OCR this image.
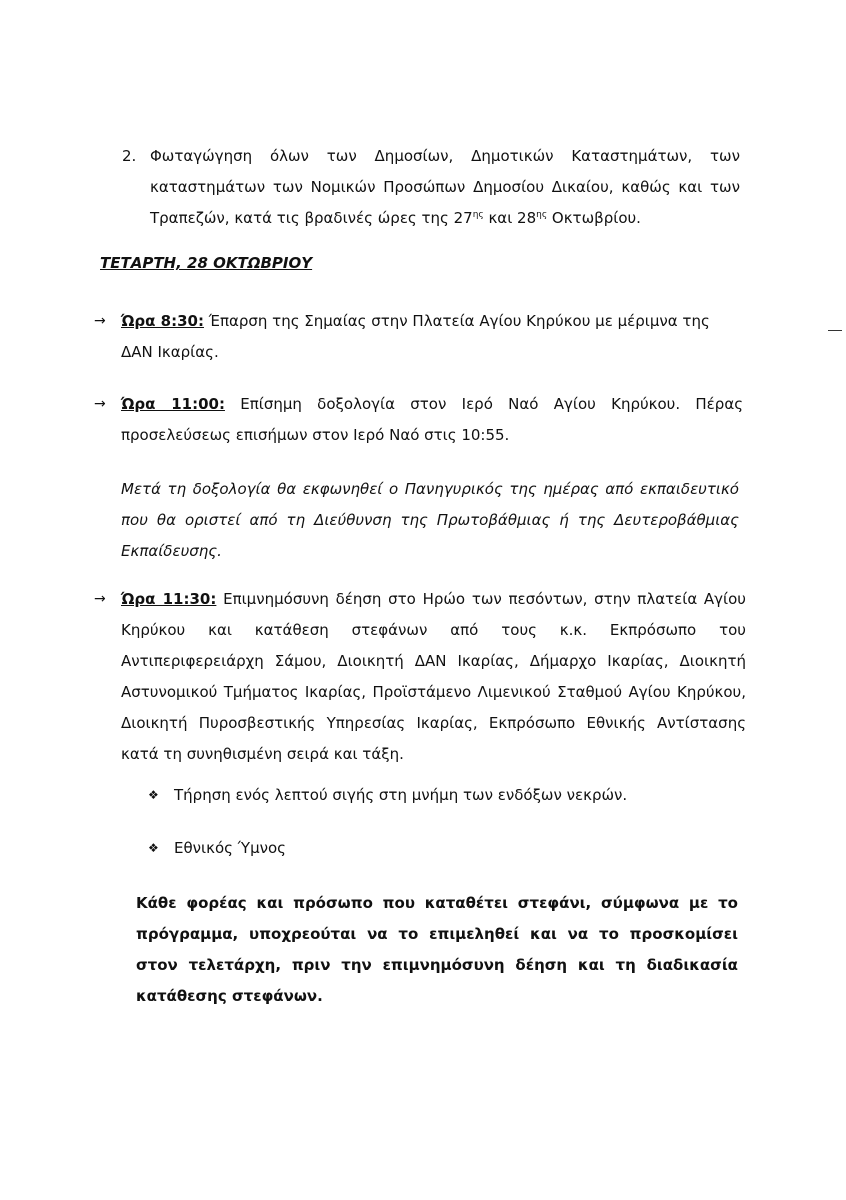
2. Φωταγώγηση όλων των Δημοσίων, Δημοτικών Καταστημάτων, των καταστημάτων των Νομικών Προσώπων Δημοσίου Δικαίου, καθώς και των Τραπεζών, κατά τις βραδινές ώρες της $27^{\eta\varsigma}$ και $28^{\eta\varsigma}$ Οκτωβρίου.
ΤΕΤΑΡΤΗ, 28 ΟΚΤΩΒΡΙΟΥ
→ Ώρα 8:30: Έπαρση της Σημαίας στην Πλατεία Αγίου Κηρύκου με μέριμνα της ΔΑΝ Ικαρίας.
→ Ώρα 11:00: Επίσημη δοξολογία στον Ιερό Ναό Αγίου Κηρύκου. Πέρας προσελεύσεως επισήμων στον Ιερό Ναό στις 10:55.
Μετά τη δοξολογία θα εκφωνηθεί ο Πανηγυρικός της ημέρας από εκπαιδευτικό που θα οριστεί από τη Διεύθυνση της Πρωτοβάθμιας ή της Δευτεροβάθμιας Εκπαίδευσης.
→ Ώρα 11:30: Επιμνημόσυνη δέηση στο Ηρώο των πεσόντων, στην πλατεία Αγίου Κηρύκου και κατάθεση στεφάνων από τους κ.κ. Εκπρόσωπο του Αντιπεριφερειάρχη Σάμου, Διοικητή ΔΑΝ Ικαρίας, Δήμαρχο Ικαρίας, Διοικητή Αστυνομικού Τμήματος Ικαρίας, Προϊστάμενο Λιμενικού Σταθμού Αγίου Κηρύκου, Διοικητή Πυροσβεστικής Υπηρεσίας Ικαρίας, Εκπρόσωπο Εθνικής Αντίστασης κατά τη συνηθισμένη σειρά και τάξη.
❖ Τήρηση ενός λεπτού σιγής στη μνήμη των ενδόξων νεκρών.
❖ Εθνικός Ύμνος
Κάθε φορέας και πρόσωπο που καταθέτει στεφάνι, σύμφωνα με το πρόγραμμα, υποχρεούται να το επιμεληθεί και να το προσκομίσει στον τελετάρχη, πριν την επιμνημόσυνη δέηση και τη διαδικασία κατάθεσης στεφάνων.
